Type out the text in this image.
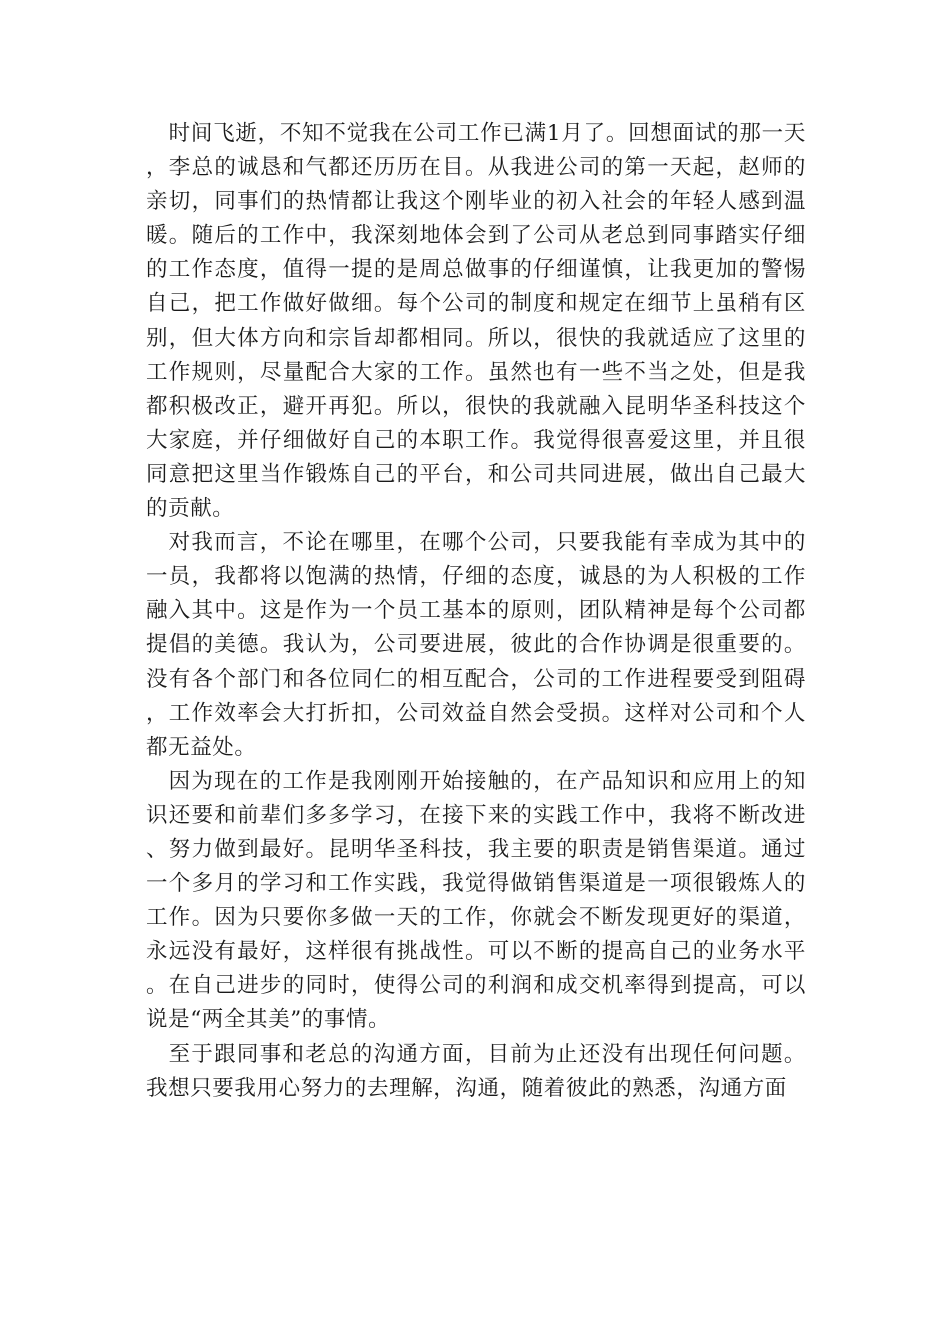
时间飞逝，不知不觉我在公司工作已满1月了。回想面试的那一天，李总的诚恳和气都还历历在目。从我进公司的第一天起，赵师的亲切，同事们的热情都让我这个刚毕业的初入社会的年轻人感到温暖。随后的工作中，我深刻地体会到了公司从老总到同事踏实仔细的工作态度，值得一提的是周总做事的仔细谨慎，让我更加的警惕自己，把工作做好做细。每个公司的制度和规定在细节上虽稍有区别，但大体方向和宗旨却都相同。所以，很快的我就适应了这里的工作规则，尽量配合大家的工作。虽然也有一些不当之处，但是我都积极改正，避开再犯。所以，很快的我就融入昆明华圣科技这个大家庭，并仔细做好自己的本职工作。我觉得很喜爱这里，并且很同意把这里当作锻炼自己的平台，和公司共同进展，做出自己最大的贡献。

对我而言，不论在哪里，在哪个公司，只要我能有幸成为其中的一员，我都将以饱满的热情，仔细的态度，诚恳的为人积极的工作融入其中。这是作为一个员工基本的原则，团队精神是每个公司都提倡的美德。我认为，公司要进展，彼此的合作协调是很重要的。没有各个部门和各位同仁的相互配合，公司的工作进程要受到阻碍，工作效率会大打折扣，公司效益自然会受损。这样对公司和个人都无益处。

因为现在的工作是我刚刚开始接触的，在产品知识和应用上的知识还要和前辈们多多学习，在接下来的实践工作中，我将不断改进、努力做到最好。昆明华圣科技，我主要的职责是销售渠道。通过一个多月的学习和工作实践，我觉得做销售渠道是一项很锻炼人的工作。因为只要你多做一天的工作，你就会不断发现更好的渠道，永远没有最好，这样很有挑战性。可以不断的提高自己的业务水平。在自己进步的同时，使得公司的利润和成交机率得到提高，可以说是“两全其美”的事情。

至于跟同事和老总的沟通方面，目前为止还没有出现任何问题。我想只要我用心努力的去理解，沟通，随着彼此的熟悉，沟通方面
